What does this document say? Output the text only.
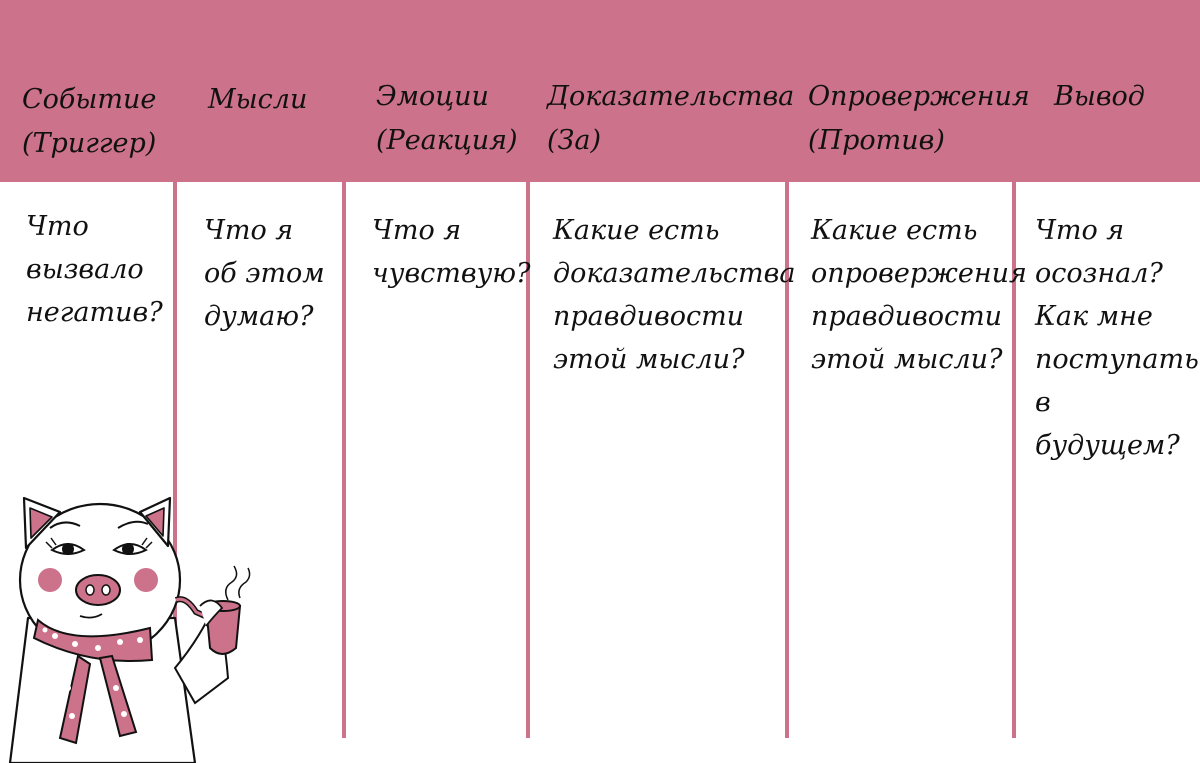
Событие
(Триггер)

Мысли	Эмоции
(Реакция)

Доказательства
(За)

Опровержения
(Против)

Вывод

Что
вызвало
негатив?

Что я
об этом
думаю?

Что я
чувствую?

Какие есть
доказательства
правдивости
этой мысли?

Какие есть
опровержения
правдивости
этой мысли?

Что я
осознал?
Как мне
поступать
в будущем?
